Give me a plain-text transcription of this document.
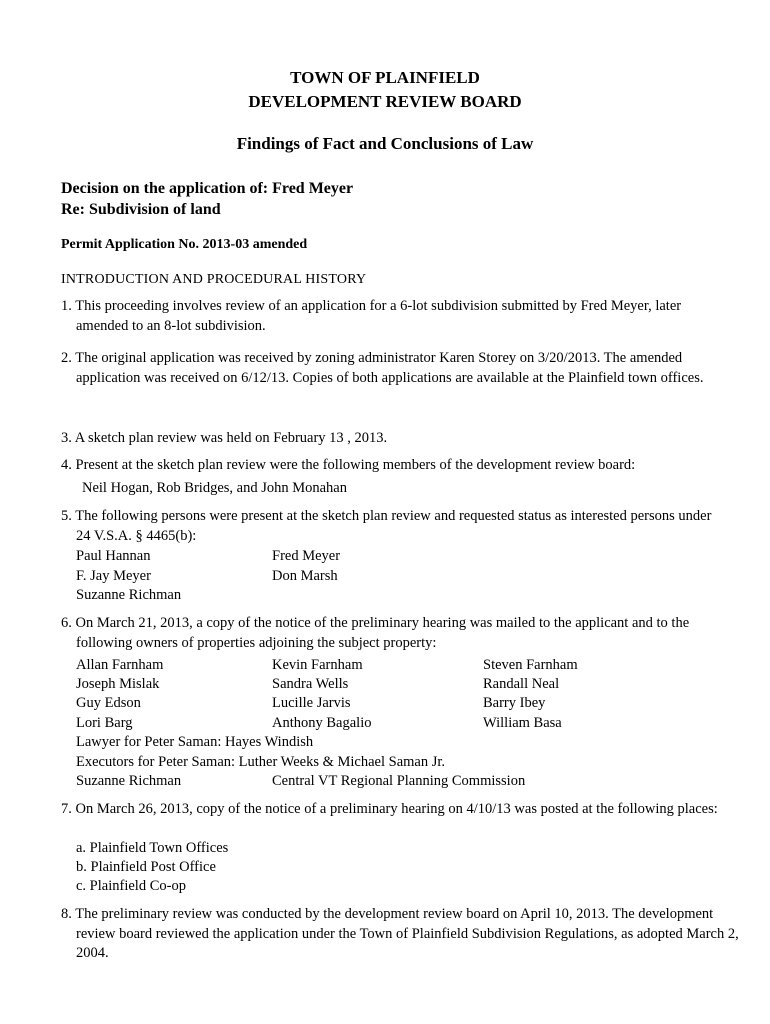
TOWN OF PLAINFIELD
DEVELOPMENT REVIEW BOARD
Findings of Fact and Conclusions of Law
Decision on the application of: Fred Meyer
Re: Subdivision of land
Permit Application No. 2013-03 amended
INTRODUCTION AND PROCEDURAL HISTORY
1. This proceeding involves review of an application for a 6-lot subdivision submitted by Fred Meyer, later amended to an 8-lot subdivision.
2. The original application was received by zoning administrator Karen Storey on 3/20/2013. The amended application was received on 6/12/13. Copies of both applications are available at the Plainfield town offices.
3. A sketch plan review was held on February 13 , 2013.
4. Present at the sketch plan review were the following members of the development review board:
Neil Hogan, Rob Bridges, and John Monahan
5. The following persons were present at the sketch plan review and requested status as interested persons under 24 V.S.A. § 4465(b):
Paul Hannan	Fred Meyer
F. Jay Meyer	Don Marsh
Suzanne Richman
6. On March 21, 2013, a copy of the notice of the preliminary hearing was mailed to the applicant and to the following owners of properties adjoining the subject property:
Allan Farnham	Kevin Farnham	Steven Farnham
Joseph Mislak	Sandra Wells	Randall Neal
Guy Edson	Lucille Jarvis	Barry Ibey
Lori Barg	Anthony Bagalio	William Basa
Lawyer for Peter Saman: Hayes Windish
Executors for Peter Saman: Luther Weeks & Michael Saman Jr.
Suzanne Richman	Central VT Regional Planning Commission
7. On March 26, 2013, copy of the notice of a preliminary hearing on 4/10/13 was posted at the following places:
a. Plainfield Town Offices
b. Plainfield Post Office
c. Plainfield Co-op
8. The preliminary review was conducted by the development review board on April 10, 2013. The development review board reviewed the application under the Town of Plainfield Subdivision Regulations, as adopted March 2, 2004.
